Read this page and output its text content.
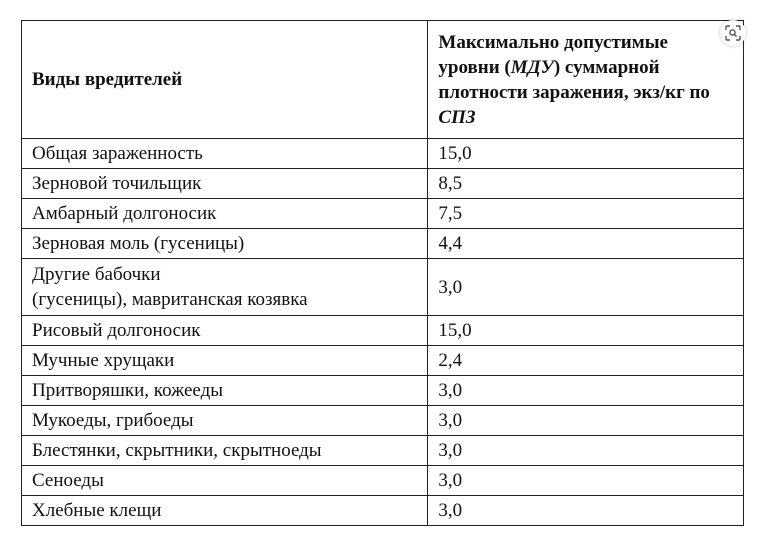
Виды вредителей	Максимально допустимые уровни (МДУ) суммарной плотности заражения, экз/кг по СПЗ
Общая зараженность	15,0
Зерновой точильщик	8,5
Амбарный долгоносик	7,5
Зерновая моль (гусеницы)	4,4
Другие бабочки
(гусеницы), мавританская козявка	3,0
Рисовый долгоносик	15,0
Мучные хрущаки	2,4
Притворяшки, кожееды	3,0
Мукоеды, грибоеды	3,0
Блестянки, скрытники, скрытноеды	3,0
Сеноеды	3,0
Хлебные клещи	3,0
